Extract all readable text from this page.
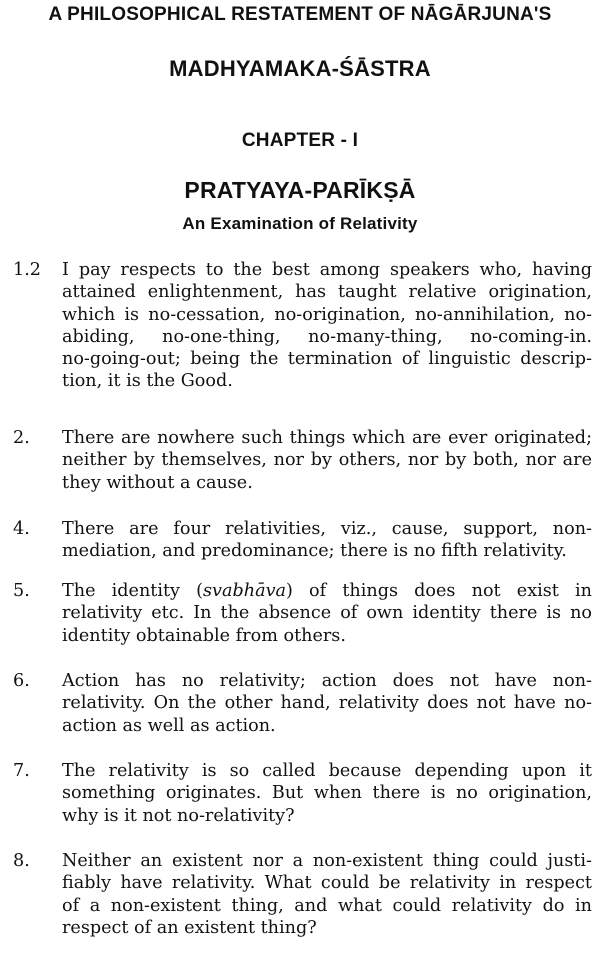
A PHILOSOPHICAL RESTATEMENT OF NĀGĀRJUNA'S
MADHYAMAKA-ŚĀSTRA
CHAPTER - I
PRATYAYA-PARĪKṢĀ
An Examination of Relativity
1.2	I pay respects to the best among speakers who, having
attained enlightenment, has taught relative origination,
which is no-cessation, no-origination, no-annihilation, no-
abiding, no-one-thing, no-many-thing, no-coming-in.
no-going-out; being the termination of linguistic descrip-
tion, it is the Good.
2.	There are nowhere such things which are ever originated;
neither by themselves, nor by others, nor by both, nor are
they without a cause.
4.	There are four relativities, viz., cause, support, non-
mediation, and predominance; there is no fifth relativity.
5.	The identity (svabhāva) of things does not exist in
relativity etc. In the absence of own identity there is no
identity obtainable from others.
6.	Action has no relativity; action does not have non-
relativity. On the other hand, relativity does not have no-
action as well as action.
7.	The relativity is so called because depending upon it
something originates. But when there is no origination,
why is it not no-relativity?
8.	Neither an existent nor a non-existent thing could justi-
fiably have relativity. What could be relativity in respect
of a non-existent thing, and what could relativity do in
respect of an existent thing?
